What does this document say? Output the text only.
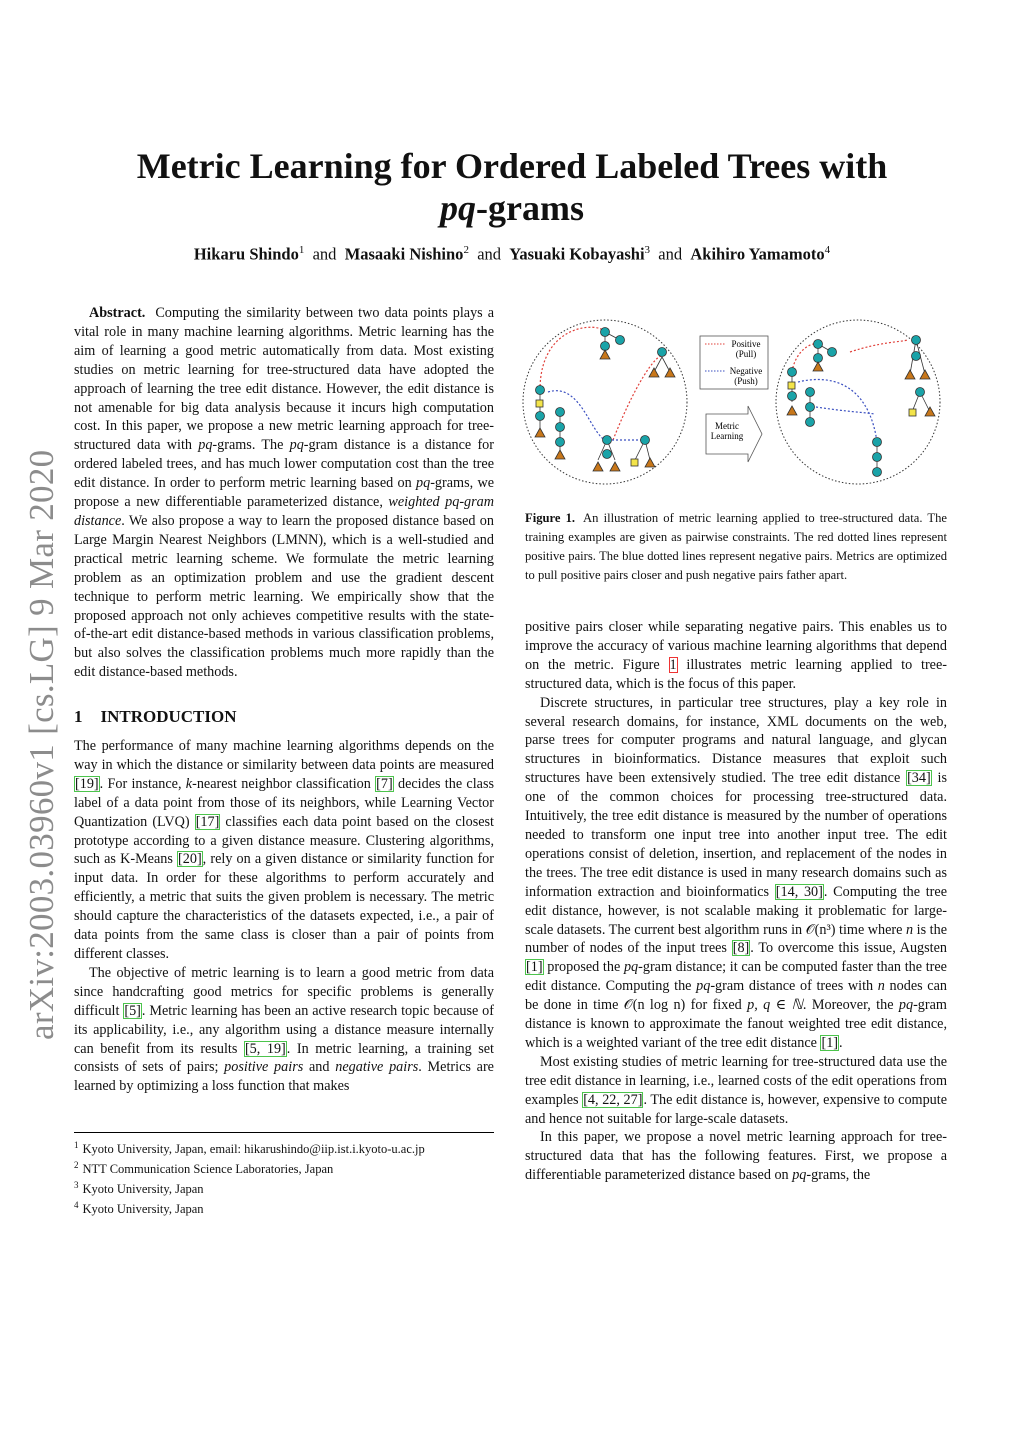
arXiv:2003.03960v1 [cs.LG] 9 Mar 2020
Metric Learning for Ordered Labeled Trees with
pq-grams
Hikaru Shindo$^1$ and Masaaki Nishino$^2$ and Yasuaki Kobayashi$^3$ and Akihiro Yamamoto$^4$

Abstract. Computing the similarity between two data points plays a vital role in many machine learning algorithms. Metric learning has the aim of learning a good metric automatically from data. Most existing studies on metric learning for tree-structured data have adopted the approach of learning the tree edit distance. However, the edit distance is not amenable for big data analysis because it incurs high computation cost. In this paper, we propose a new metric learning approach for tree-structured data with pq-grams. The pq-gram distance is a distance for ordered labeled trees, and has much lower computation cost than the tree edit distance. In order to perform metric learning based on pq-grams, we propose a new differentiable parameterized distance, weighted pq-gram distance. We also propose a way to learn the proposed distance based on Large Margin Nearest Neighbors (LMNN), which is a well-studied and practical metric learning scheme. We formulate the metric learning problem as an optimization problem and use the gradient descent technique to perform metric learning. We empirically show that the proposed approach not only achieves competitive results with the state-of-the-art edit distance-based methods in various classification problems, but also solves the classification problems much more rapidly than the edit distance-based methods.

1 INTRODUCTION

The performance of many machine learning algorithms depends on the way in which the distance or similarity between data points are measured [19]. For instance, k-nearest neighbor classification [7] decides the class label of a data point from those of its neighbors, while Learning Vector Quantization (LVQ) [17] classifies each data point based on the closest prototype according to a given distance measure. Clustering algorithms, such as K-Means [20], rely on a given distance or similarity function for input data. In order for these algorithms to perform accurately and efficiently, a metric that suits the given problem is necessary. The metric should capture the characteristics of the datasets expected, i.e., a pair of data points from the same class is closer than a pair of points from different classes.

The objective of metric learning is to learn a good metric from data since handcrafting good metrics for specific problems is generally difficult [5]. Metric learning has been an active research topic because of its applicability, i.e., any algorithm using a distance measure internally can benefit from its results [5, 19]. In metric learning, a training set consists of sets of pairs; positive pairs and negative pairs. Metrics are learned by optimizing a loss function that makes

$^1$ Kyoto University, Japan, email: hikarushindo@iip.ist.i.kyoto-u.ac.jp
$^2$ NTT Communication Science Laboratories, Japan
$^3$ Kyoto University, Japan
$^4$ Kyoto University, Japan
Positive
(Pull)
Negative
(Push)
Metric
Learning
Figure 1. An illustration of metric learning applied to tree-structured data. The training examples are given as pairwise constraints. The red dotted lines represent positive pairs. The blue dotted lines represent negative pairs. Metrics are optimized to pull positive pairs closer and push negative pairs father apart.

positive pairs closer while separating negative pairs. This enables us to improve the accuracy of various machine learning algorithms that depend on the metric. Figure 1 illustrates metric learning applied to tree-structured data, which is the focus of this paper.

Discrete structures, in particular tree structures, play a key role in several research domains, for instance, XML documents on the web, parse trees for computer programs and natural language, and glycan structures in bioinformatics. Distance measures that exploit such structures have been extensively studied. The tree edit distance [34] is one of the common choices for processing tree-structured data. Intuitively, the tree edit distance is measured by the number of operations needed to transform one input tree into another input tree. The edit operations consist of deletion, insertion, and replacement of the nodes in the trees. The tree edit distance is used in many research domains such as information extraction and bioinformatics [14, 30]. Computing the tree edit distance, however, is not scalable making it problematic for large-scale datasets. The current best algorithm runs in 𝒪(n³) time where n is the number of nodes of the input trees [8]. To overcome this issue, Augsten [1] proposed the pq-gram distance; it can be computed faster than the tree edit distance. Computing the pq-gram distance of trees with n nodes can be done in time 𝒪(n log n) for fixed p, q ∈ ℕ. Moreover, the pq-gram distance is known to approximate the fanout weighted tree edit distance, which is a weighted variant of the tree edit distance [1].

Most existing studies of metric learning for tree-structured data use the tree edit distance in learning, i.e., learned costs of the edit operations from examples [4, 22, 27]. The edit distance is, however, expensive to compute and hence not suitable for large-scale datasets.

In this paper, we propose a novel metric learning approach for tree-structured data that has the following features. First, we propose a differentiable parameterized distance based on pq-grams, the
